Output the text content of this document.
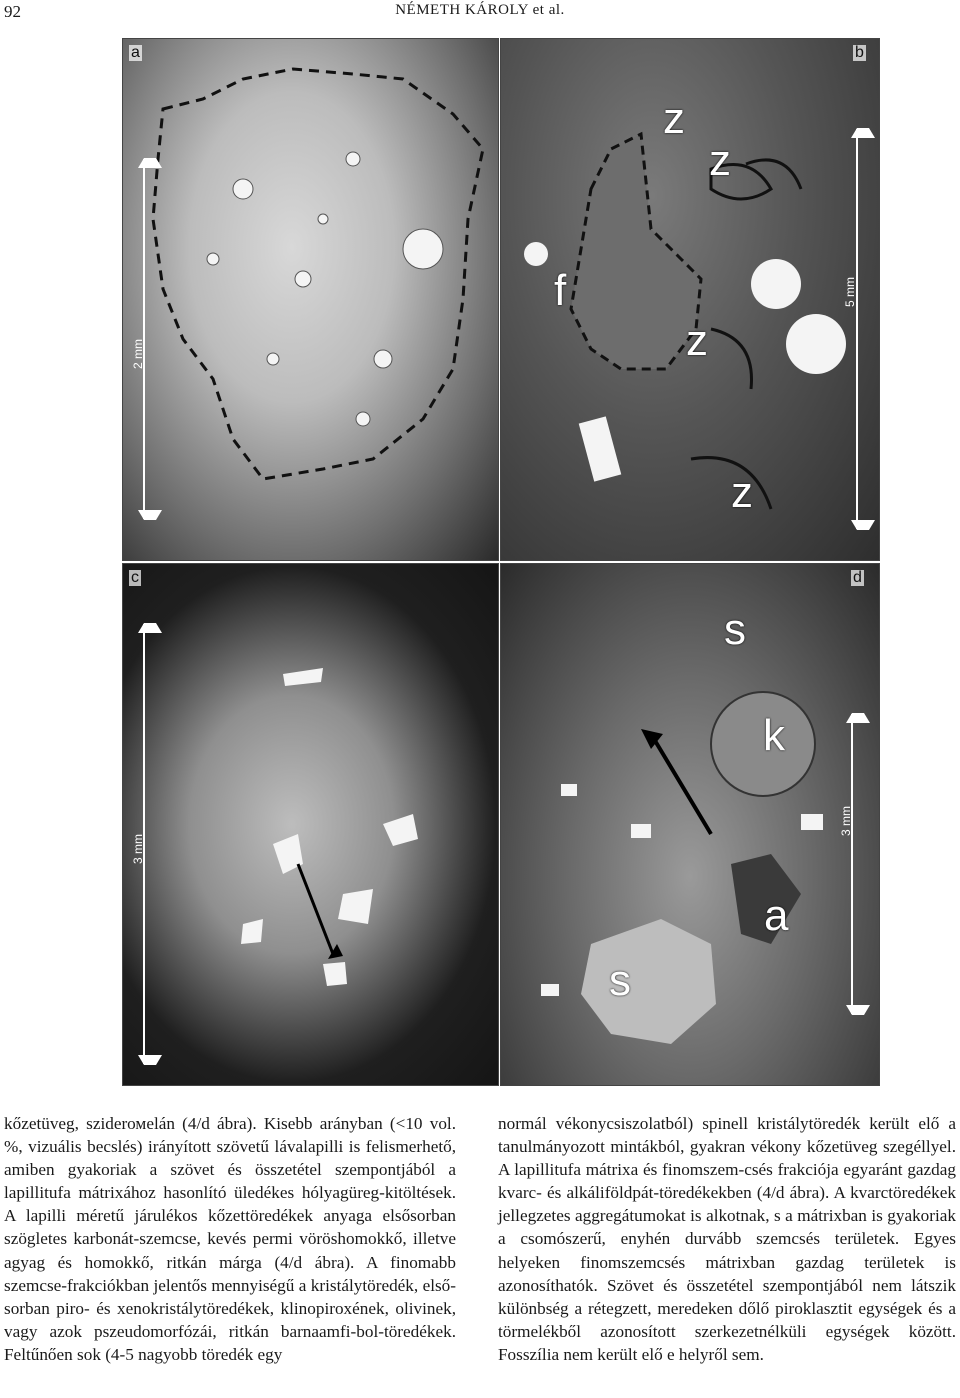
92	NÉMETH KÁROLY et al.
a
2 mm
b
z
z
f
z
z
5 mm
c
3 mm
d
s
k
a
s
3 mm

kőzetüveg, sziderомelán (4/d ábra). Kisebb arányban (<10 vol. %, vizuális becslés) irányított szövetű lávalapilli is felismerhető, amiben gyakoriak a szövet és összetétel szempontjából a lapillitufa mátrixához hasonlító üledékes hólyagüreg-kitöltések. A lapilli méretű járulékos kőzettöredékek anyaga elsősorban szögletes karbonát-szemcse, kevés permi vöröshomokkő, illetve agyag és homokkő, ritkán márga (4/d ábra). A finomabb szemcse-frakciókban jelentős mennyiségű a kristálytöredék, első-sorban piro- és xenokristálytöredékek, klinopiroxének, olivinek, vagy azok pszeudomorfózái, ritkán barnaamfi-bol-töredékek. Feltűnően sok (4-5 nagyobb töredék egy

normál vékonycsiszolatból) spinell kristálytöredék került elő a tanulmányozott mintákból, gyakran vékony kőzetüveg szegéllyel. A lapillitufa mátrixa és finomszem-csés frakciója egyaránt gazdag kvarc- és alkáliföldpát-töredékekben (4/d ábra). A kvarctöredékek jellegzetes aggregátumokat is alkotnak, s a mátrixban is gyakoriak a csomószerű, enyhén durvább szemcsés területek. Egyes helyeken finomszemcsés mátrixban gazdag területek is azonosíthatók. Szövet és összetétel szempontjából nem látszik különbség a rétegzett, meredeken dőlő piroklasztit egységek és a törmelékből azonosított szerkezetnélküli egységek között. Fosszília nem került elő e helyről sem.
